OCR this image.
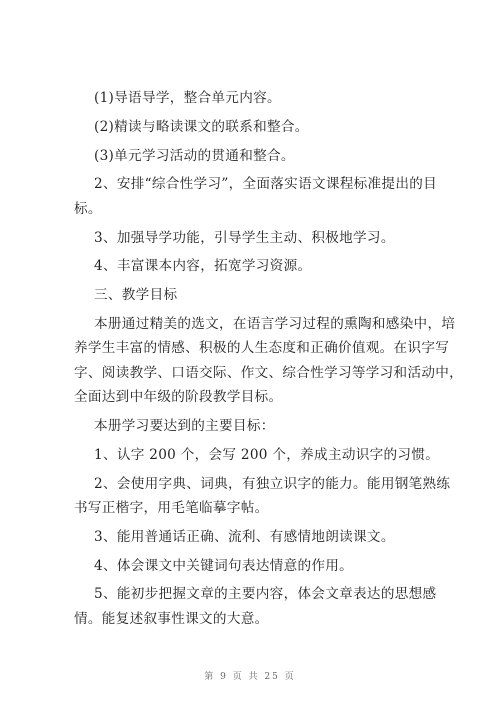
(1)导语导学，整合单元内容。
(2)精读与略读课文的联系和整合。
(3)单元学习活动的贯通和整合。
2、安排“综合性学习”，全面落实语文课程标准提出的目
标。
3、加强导学功能，引导学生主动、积极地学习。
4、丰富课本内容，拓宽学习资源。
三、教学目标
本册通过精美的选文，在语言学习过程的熏陶和感染中，培
养学生丰富的情感、积极的人生态度和正确价值观。在识字写
字、阅读教学、口语交际、作文、综合性学习等学习和活动中，
全面达到中年级的阶段教学目标。
本册学习要达到的主要目标：
1、认字 200 个，会写 200 个，养成主动识字的习惯。
2、会使用字典、词典，有独立识字的能力。能用钢笔熟练
书写正楷字，用毛笔临摹字帖。
3、能用普通话正确、流利、有感情地朗读课文。
4、体会课文中关键词句表达情意的作用。
5、能初步把握文章的主要内容，体会文章表达的思想感
情。能复述叙事性课文的大意。
第 9 页 共 25 页
